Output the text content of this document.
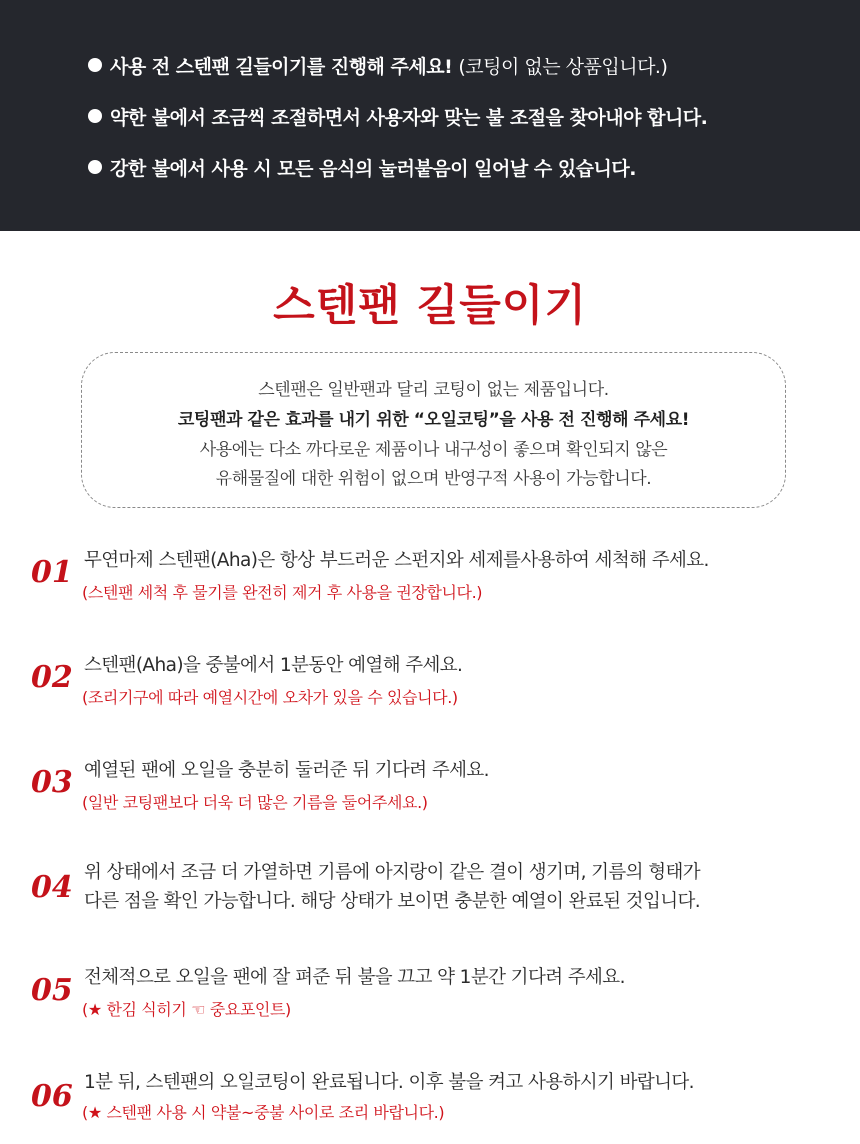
사용 전 스텐팬 길들이기를 진행해 주세요! (코팅이 없는 상품입니다.)
약한 불에서 조금씩 조절하면서 사용자와 맞는 불 조절을 찾아내야 합니다.
강한 불에서 사용 시 모든 음식의 눌러붙음이 일어날 수 있습니다.
스텐팬 길들이기
스텐팬은 일반팬과 달리 코팅이 없는 제품입니다.
코팅팬과 같은 효과를 내기 위한 “오일코팅”을 사용 전 진행해 주세요!
사용에는 다소 까다로운 제품이나 내구성이 좋으며 확인되지 않은
유해물질에 대한 위험이 없으며 반영구적 사용이 가능합니다.
01 무연마제 스텐팬(Aha)은 항상 부드러운 스펀지와 세제를사용하여 세척해 주세요.
(스텐팬 세척 후 물기를 완전히 제거 후 사용을 권장합니다.)
02 스텐팬(Aha)을 중불에서 1분동안 예열해 주세요.
(조리기구에 따라 예열시간에 오차가 있을 수 있습니다.)
03 예열된 팬에 오일을 충분히 둘러준 뒤 기다려 주세요.
(일반 코팅팬보다 더욱 더 많은 기름을 둘어주세요.)
04 위 상태에서 조금 더 가열하면 기름에 아지랑이 같은 결이 생기며, 기름의 형태가
다른 점을 확인 가능합니다. 해당 상태가 보이면 충분한 예열이 완료된 것입니다.
05 전체적으로 오일을 팬에 잘 펴준 뒤 불을 끄고 약 1분간 기다려 주세요.
(★ 한김 식히기 ☜ 중요포인트)
06 1분 뒤, 스텐팬의 오일코팅이 완료됩니다. 이후 불을 켜고 사용하시기 바랍니다.
(★ 스텐팬 사용 시 약불~중불 사이로 조리 바랍니다.)
